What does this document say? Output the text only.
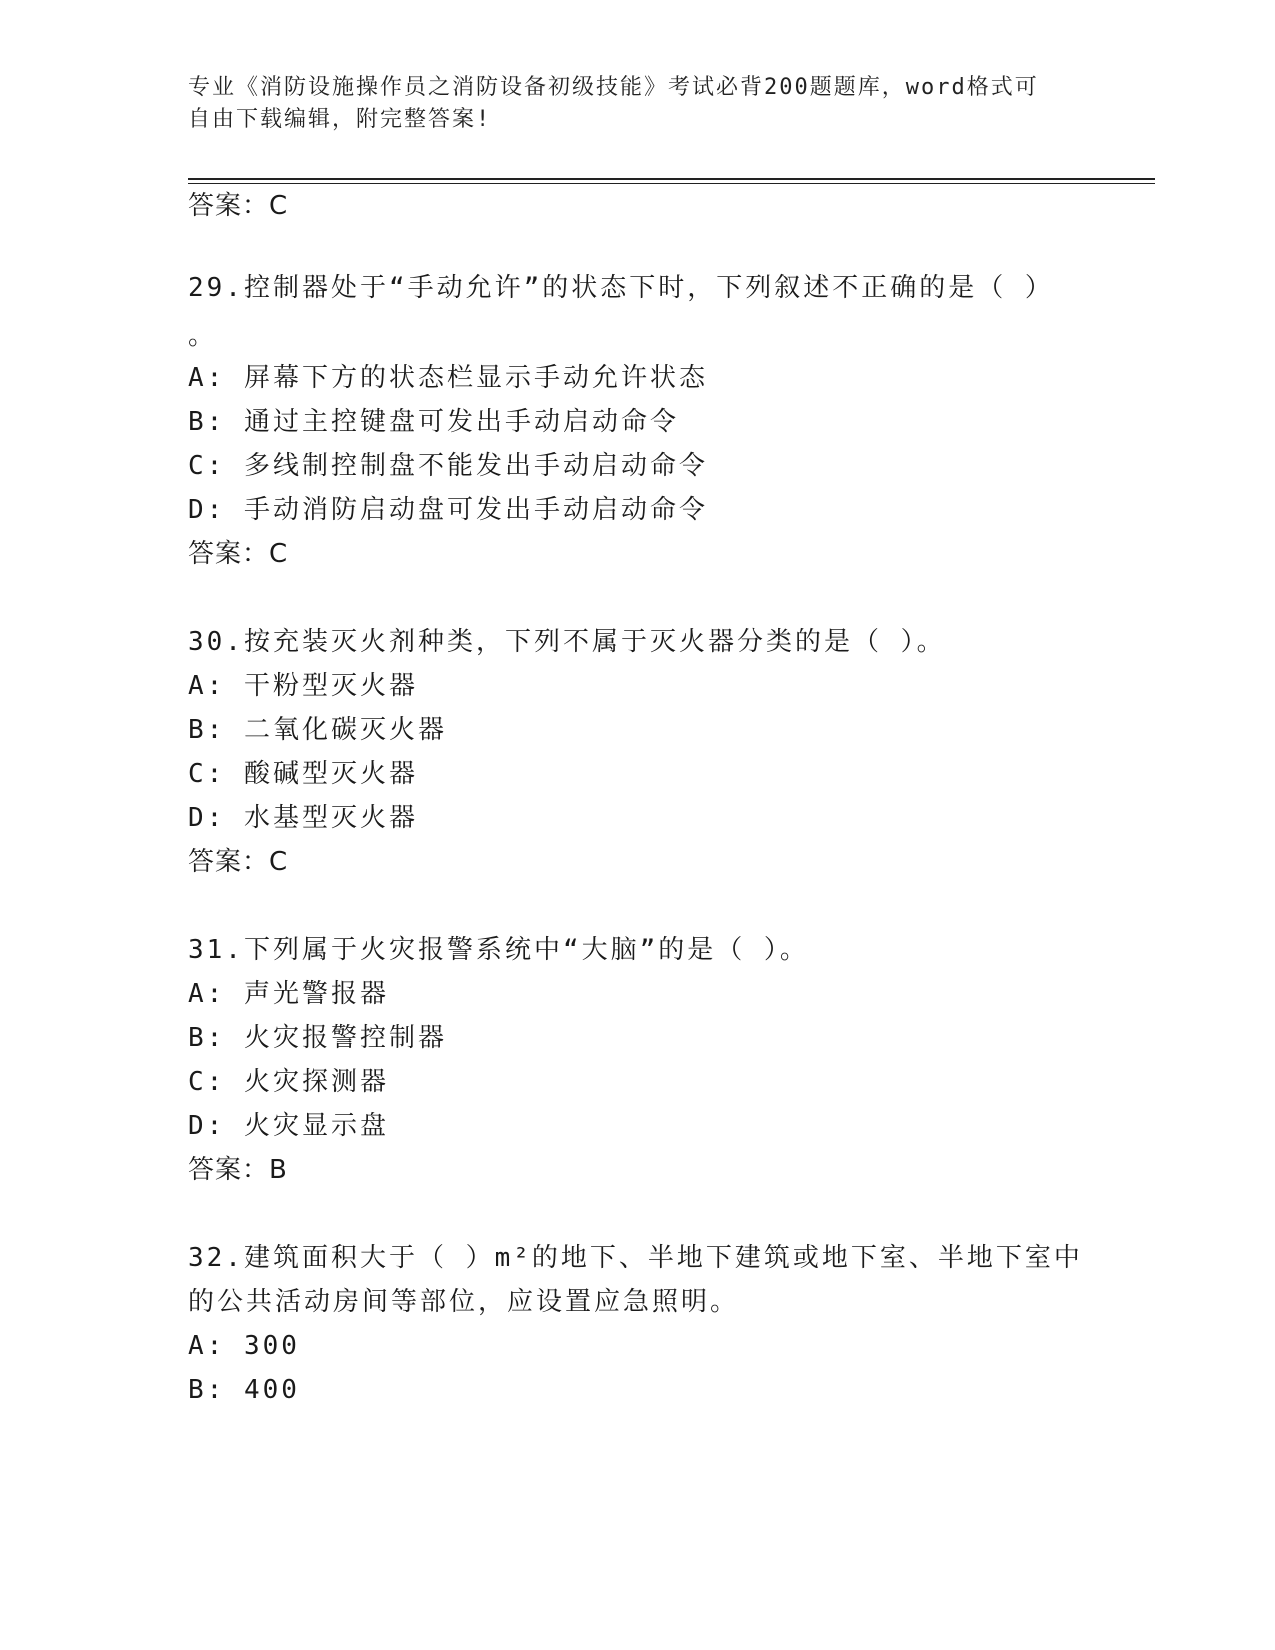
专业《消防设施操作员之消防设备初级技能》考试必背200题题库，word格式可
自由下载编辑，附完整答案!
答案：C
29.控制器处于“手动允许”的状态下时，下列叙述不正确的是（ ）
。
A: 屏幕下方的状态栏显示手动允许状态
B: 通过主控键盘可发出手动启动命令
C: 多线制控制盘不能发出手动启动命令
D: 手动消防启动盘可发出手动启动命令
答案：C
30.按充装灭火剂种类，下列不属于灭火器分类的是（ ）。
A: 干粉型灭火器
B: 二氧化碳灭火器
C: 酸碱型灭火器
D: 水基型灭火器
答案：C
31.下列属于火灾报警系统中“大脑”的是（ ）。
A: 声光警报器
B: 火灾报警控制器
C: 火灾探测器
D: 火灾显示盘
答案：B
32.建筑面积大于（ ）m²的地下、半地下建筑或地下室、半地下室中
的公共活动房间等部位，应设置应急照明。
A: 300
B: 400
